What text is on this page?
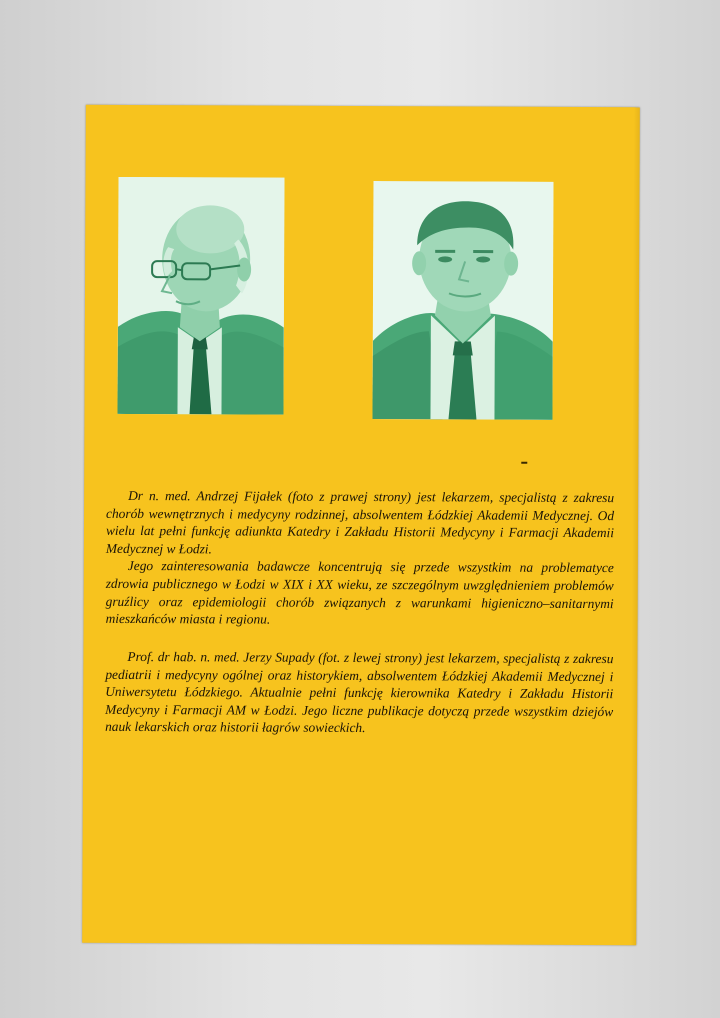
Dr n. med. Andrzej Fijałek (foto z prawej strony) jest lekarzem, specjalistą z zakresu chorób wewnętrznych i medycyny rodzinnej, absolwentem Łódzkiej Akademii Medycznej. Od wielu lat pełni funkcję adiunkta Katedry i Zakładu Historii Medycyny i Farmacji Akademii Medycznej w Łodzi.

Jego zainteresowania badawcze koncentrują się przede wszystkim na problematyce zdrowia publicznego w Łodzi w XIX i XX wieku, ze szczególnym uwzględnieniem problemów gruźlicy oraz epidemiologii chorób związanych z warunkami higieniczno–sanitarnymi mieszkańców miasta i regionu.

Prof. dr hab. n. med. Jerzy Supady (fot. z lewej strony) jest lekarzem, specjalistą z zakresu pediatrii i medycyny ogólnej oraz historykiem, absolwentem Łódzkiej Akademii Medycznej i Uniwersytetu Łódzkiego. Aktualnie pełni funkcję kierownika Katedry i Zakładu Historii Medycyny i Farmacji AM w Łodzi. Jego liczne publikacje dotyczą przede wszystkim dziejów nauk lekarskich oraz historii łagrów sowieckich.
